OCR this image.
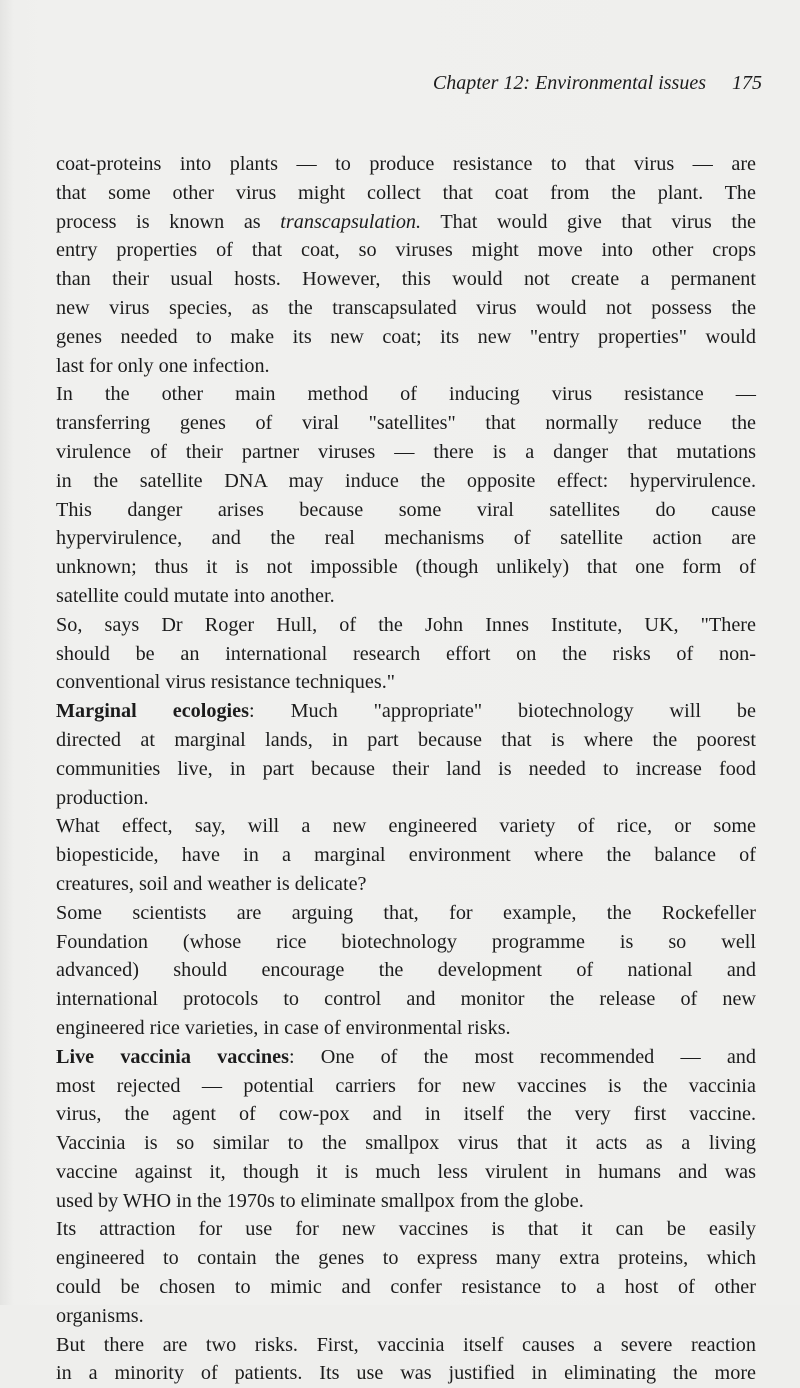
Chapter 12: Environmental issues 175
coat-proteins into plants — to produce resistance to that virus — are
that some other virus might collect that coat from the plant. The
process is known as transcapsulation. That would give that virus the
entry properties of that coat, so viruses might move into other crops
than their usual hosts. However, this would not create a permanent
new virus species, as the transcapsulated virus would not possess the
genes needed to make its new coat; its new "entry properties" would
last for only one infection.
In the other main method of inducing virus resistance —
transferring genes of viral "satellites" that normally reduce the
virulence of their partner viruses — there is a danger that mutations
in the satellite DNA may induce the opposite effect: hypervirulence.
This danger arises because some viral satellites do cause
hypervirulence, and the real mechanisms of satellite action are
unknown; thus it is not impossible (though unlikely) that one form of
satellite could mutate into another.
So, says Dr Roger Hull, of the John Innes Institute, UK, "There
should be an international research effort on the risks of non-
conventional virus resistance techniques."
Marginal ecologies: Much "appropriate" biotechnology will be
directed at marginal lands, in part because that is where the poorest
communities live, in part because their land is needed to increase food
production.
What effect, say, will a new engineered variety of rice, or some
biopesticide, have in a marginal environment where the balance of
creatures, soil and weather is delicate?
Some scientists are arguing that, for example, the Rockefeller
Foundation (whose rice biotechnology programme is so well
advanced) should encourage the development of national and
international protocols to control and monitor the release of new
engineered rice varieties, in case of environmental risks.
Live vaccinia vaccines: One of the most recommended — and
most rejected — potential carriers for new vaccines is the vaccinia
virus, the agent of cow-pox and in itself the very first vaccine.
Vaccinia is so similar to the smallpox virus that it acts as a living
vaccine against it, though it is much less virulent in humans and was
used by WHO in the 1970s to eliminate smallpox from the globe.
Its attraction for use for new vaccines is that it can be easily
engineered to contain the genes to express many extra proteins, which
could be chosen to mimic and confer resistance to a host of other
organisms.
But there are two risks. First, vaccinia itself causes a severe reaction
in a minority of patients. Its use was justified in eliminating the more
